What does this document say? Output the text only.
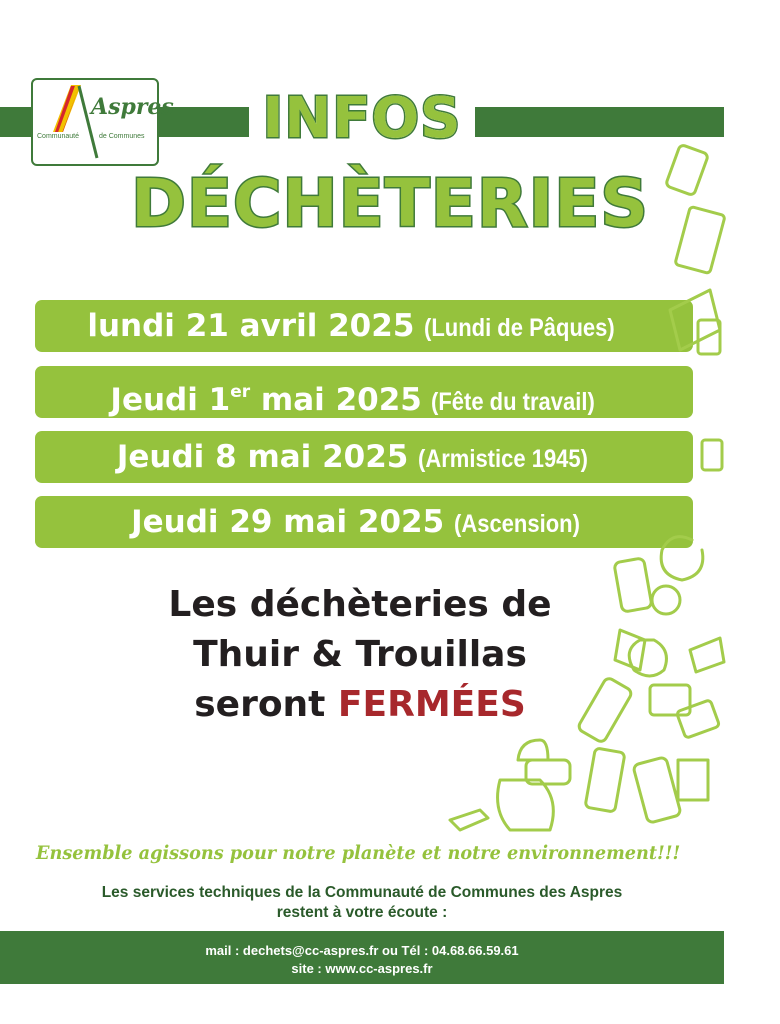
Aspres
Communauté	de Communes	INFOS
DÉCHÈTERIES
lundi 21 avril 2025 (Lundi de Pâques)
Jeudi 1er mai 2025 (Fête du travail)
Jeudi 8 mai 2025 (Armistice 1945)
Jeudi 29 mai 2025 (Ascension)
Les déchèteries de
Thuir & Trouillas
seront FERMÉES
Ensemble agissons pour notre planète et notre environnement!!!
Les services techniques de la Communauté de Communes des Aspres
restent à votre écoute :
mail : dechets@cc-aspres.fr ou Tél : 04.68.66.59.61
site : www.cc-aspres.fr
